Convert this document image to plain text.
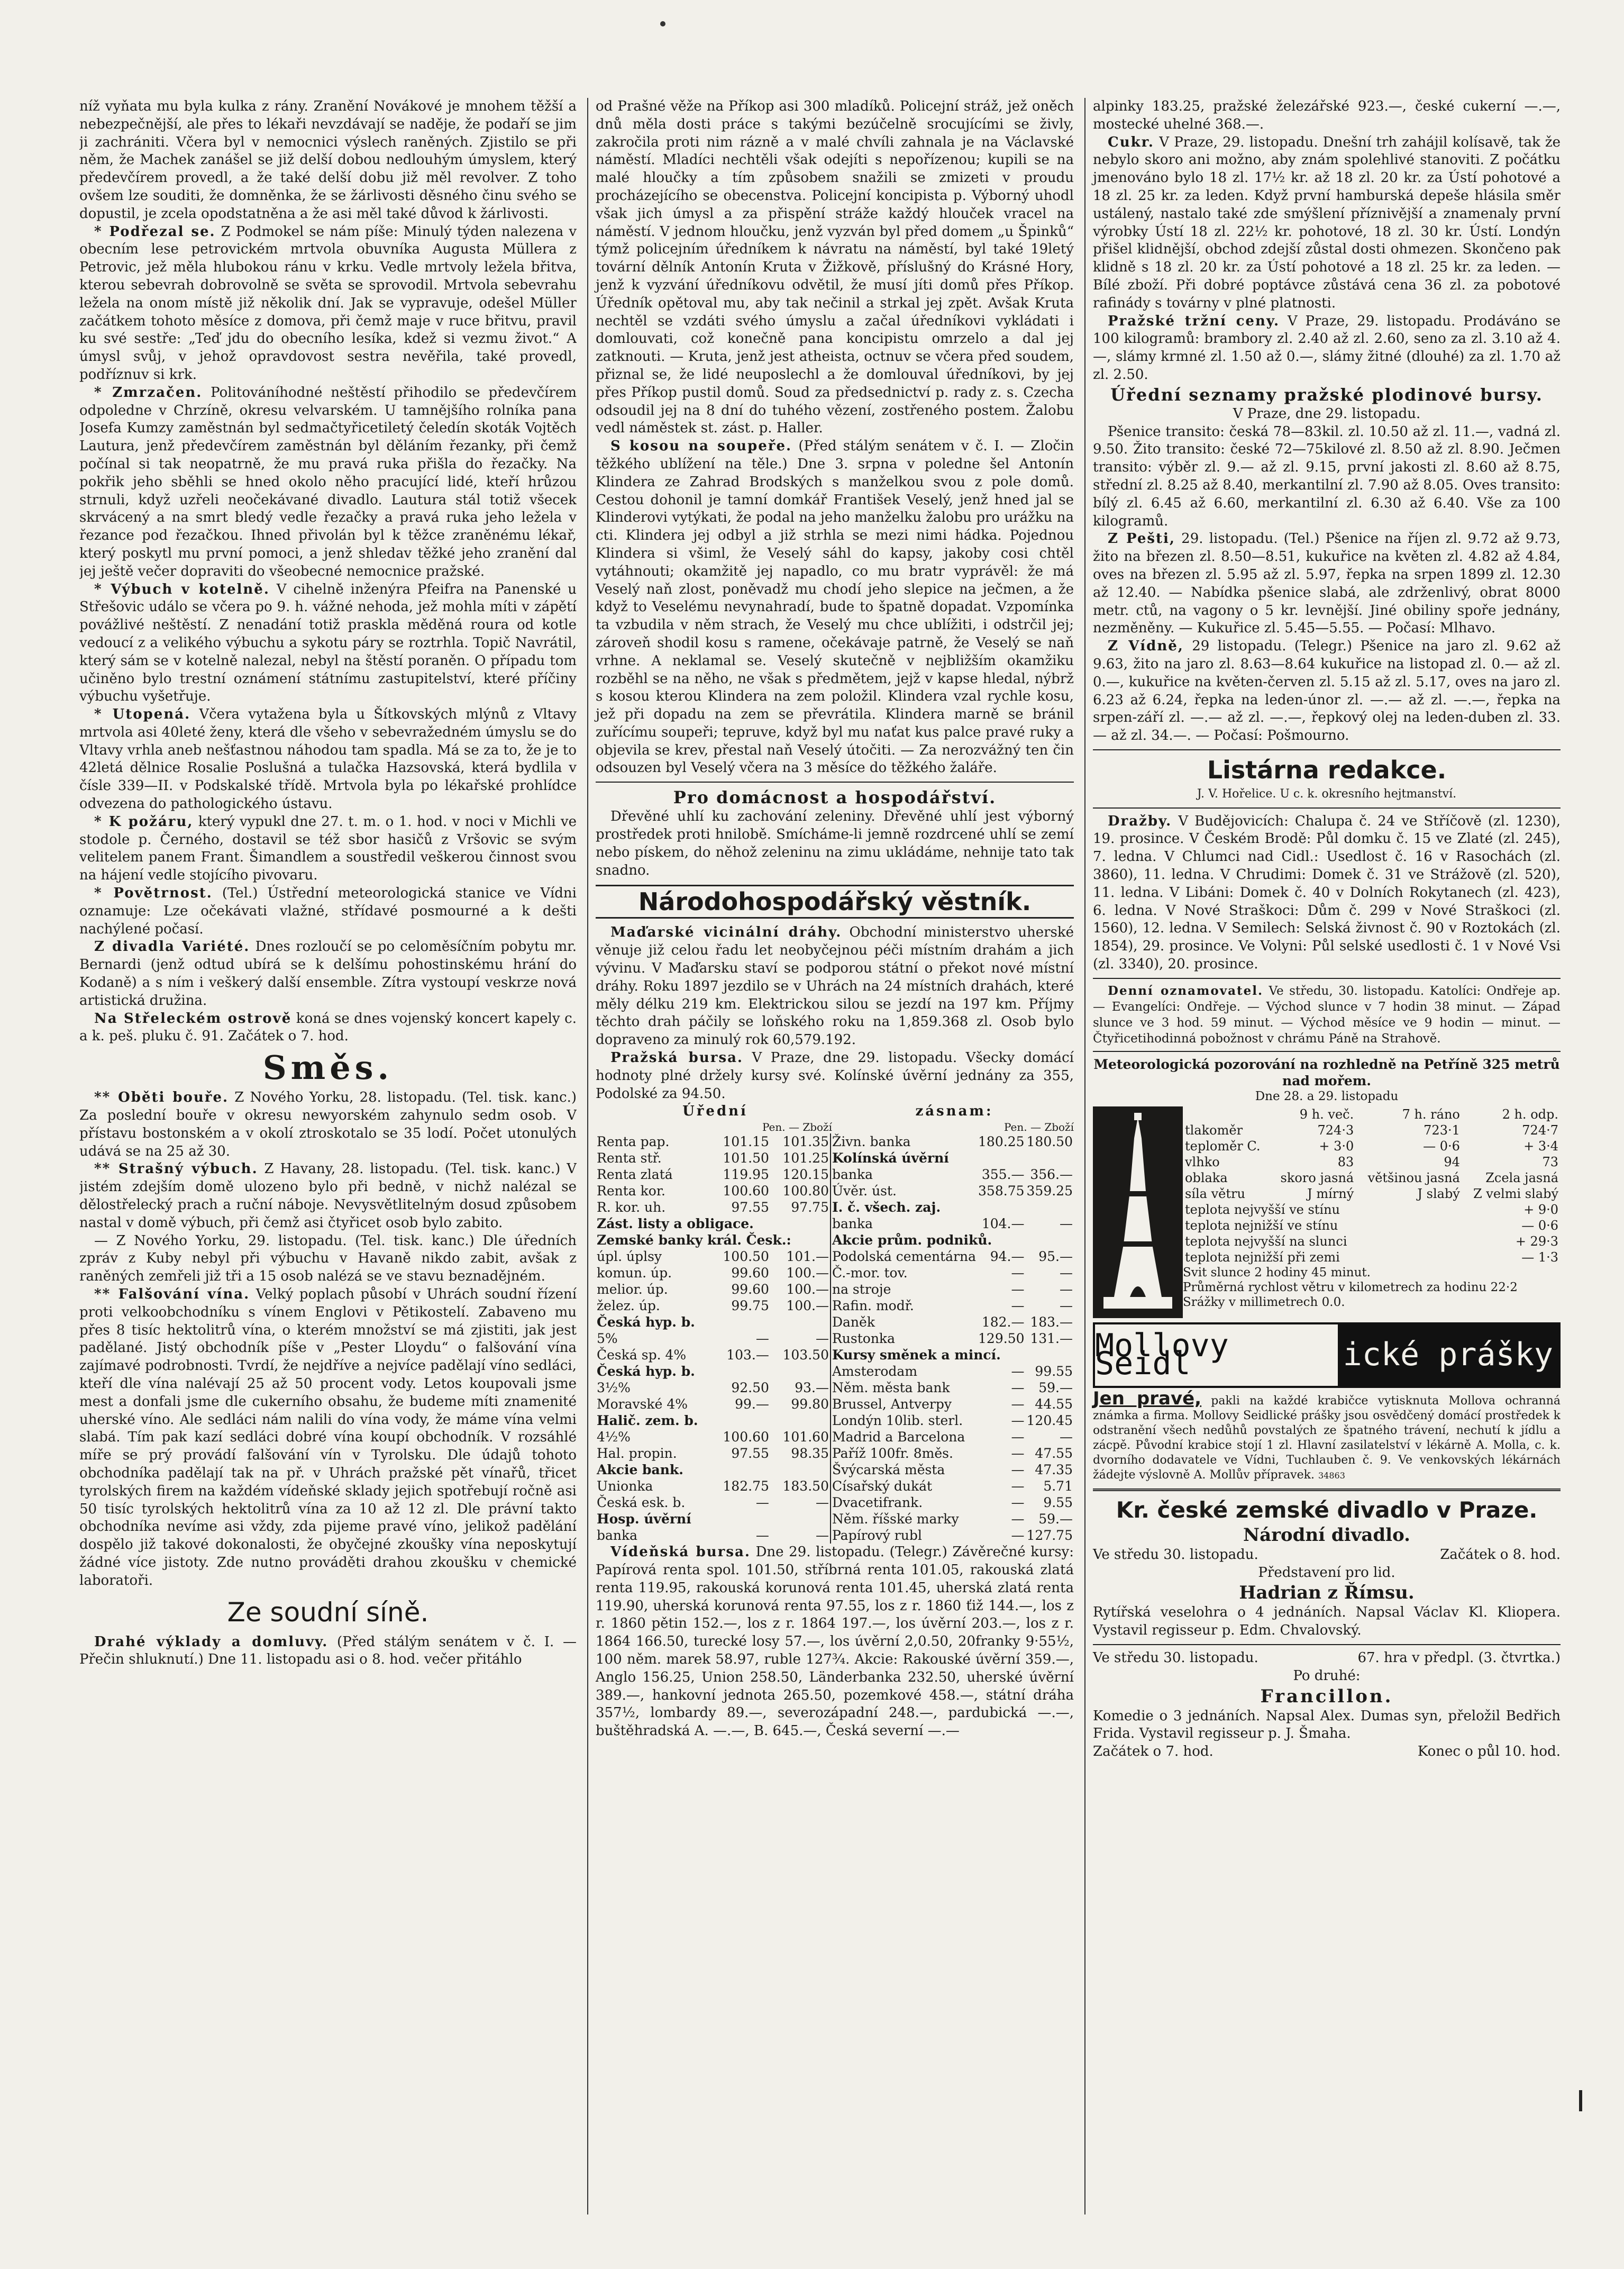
níž vyňata mu byla kulka z rány. Zranění Novákové je mnohem těžší a nebezpečnější, ale přes to lékaři nevzdávají se naděje, že podaří se jim ji zachrániti. Včera byl v nemocnici výslech raněných. Zjistilo se při něm, že Machek zanášel se již delší dobou nedlouhým úmyslem, který předevčírem provedl, a že také delší dobu již měl revolver. Z toho ovšem lze souditi, že domněnka, že se žárlivosti děsného činu svého se dopustil, je zcela opodstatněna a že asi měl také důvod k žárlivosti.

* Podřezal se. Z Podmokel se nám píše: Minulý týden nalezena v obecním lese petrovickém mrtvola obuvníka Augusta Müllera z Petrovic, jež měla hlubokou ránu v krku. Vedle mrtvoly ležela břitva, kterou sebevrah dobrovolně se světa se sprovodil. Mrtvola sebevrahu ležela na onom místě již několik dní. Jak se vypravuje, odešel Müller začátkem tohoto měsíce z domova, při čemž maje v ruce břitvu, pravil ku své sestře: „Teď jdu do obecního lesíka, kdež si vezmu život.“ A úmysl svůj, v jehož opravdovost sestra nevěřila, také provedl, podříznuv si krk.

* Zmrzačen. Politováníhodné neštěstí přihodilo se předevčírem odpoledne v Chrzíně, okresu velvarském. U tamnějšího rolníka pana Josefa Kumzy zaměstnán byl sedmačtyřicetiletý čeledín skoták Vojtěch Lautura, jenž předevčírem zaměstnán byl děláním řezanky, při čemž počínal si tak neopatrně, že mu pravá ruka přišla do řezačky. Na pokřik jeho sběhli se hned okolo něho pracující lidé, kteří hrůzou strnuli, když uzřeli neočekávané divadlo. Lautura stál totiž všecek skrvácený a na smrt bledý vedle řezačky a pravá ruka jeho ležela v řezance pod řezačkou. Ihned přivolán byl k těžce zraněnému lékař, který poskytl mu první pomoci, a jenž shledav těžké jeho zranění dal jej ještě večer dopraviti do všeobecné nemocnice pražské.

* Výbuch v kotelně. V cihelně inženýra Pfeifra na Panenské u Střešovic událo se včera po 9. h. vážné nehoda, jež mohla míti v zápětí povážlivé neštěstí. Z nenadání totiž praskla měděná roura od kotle vedoucí z a velikého výbuchu a sykotu páry se roztrhla. Topič Navrátil, který sám se v kotelně nalezal, nebyl na štěstí poraněn. O případu tom učiněno bylo trestní oznámení státnímu zastupitelství, které příčiny výbuchu vyšetřuje.

* Utopená. Včera vytažena byla u Šítkovských mlýnů z Vltavy mrtvola asi 40leté ženy, která dle všeho v sebevražedném úmyslu se do Vltavy vrhla aneb nešťastnou náhodou tam spadla. Má se za to, že je to 42letá dělnice Rosalie Poslušná a tulačka Hazsovská, která bydlila v čísle 339—II. v Podskalské třídě. Mrtvola byla po lékařské prohlídce odvezena do pathologického ústavu.

* K požáru, který vypukl dne 27. t. m. o 1. hod. v noci v Michli ve stodole p. Černého, dostavil se též sbor hasičů z Vršovic se svým velitelem panem Frant. Šimandlem a soustředil veškerou činnost svou na hájení vedle stojícího pivovaru.

* Povětrnost. (Tel.) Ústřední meteorologická stanice ve Vídni oznamuje: Lze očekávati vlažné, střídavé posmourné a k dešti nachýlené počasí.

Z divadla Variété. Dnes rozloučí se po celoměsíčním pobytu mr. Bernardi (jenž odtud ubírá se k delšímu pohostinskému hrání do Kodaně) a s ním i veškerý další ensemble. Zítra vystoupí veskrze nová artistická družina.

Na Střeleckém ostrově koná se dnes vojenský koncert kapely c. a k. peš. pluku č. 91. Začátek o 7. hod.

Směs.

** Oběti bouře. Z Nového Yorku, 28. listopadu. (Tel. tisk. kanc.) Za poslední bouře v okresu newyorském zahynulo sedm osob. V přístavu bostonském a v okolí ztroskotalo se 35 lodí. Počet utonulých udává se na 25 až 30.

** Strašný výbuch. Z Havany, 28. listopadu. (Tel. tisk. kanc.) V jistém zdejším domě ulozeno bylo při bedně, v nichž nalézal se dělostřelecký prach a ruční náboje. Nevysvětlitelným dosud způsobem nastal v domě výbuch, při čemž asi čtyřicet osob bylo zabito.

— Z Nového Yorku, 29. listopadu. (Tel. tisk. kanc.) Dle úředních zpráv z Kuby nebyl při výbuchu v Havaně nikdo zabit, avšak z raněných zemřeli již tři a 15 osob nalézá se ve stavu beznadějném.

** Falšování vína. Velký poplach působí v Uhrách soudní řízení proti velkoobchodníku s vínem Englovi v Pětikostelí. Zabaveno mu přes 8 tisíc hektolitrů vína, o kterém množství se má zjistiti, jak jest padělané. Jistý obchodník píše v „Pester Lloydu“ o falšování vína zajímavé podrobnosti. Tvrdí, že nejdříve a nejvíce padělají víno sedláci, kteří dle vína nalévají 25 až 50 procent vody. Letos koupovali jsme mest a donfali jsme dle cukerního obsahu, že budeme míti znamenité uherské víno. Ale sedláci nám nalili do vína vody, že máme vína velmi slabá. Tím pak kazí sedláci dobré vína koupí obchodník. V rozsáhlé míře se prý provádí falšování vín v Tyrolsku. Dle údajů tohoto obchodníka padělají tak na př. v Uhrách pražské pět vínařů, třicet tyrolských firem na každém vídeňské sklady jejich spotřebují ročně asi 50 tisíc tyrolských hektolitrů vína za 10 až 12 zl. Dle právní takto obchodníka nevíme asi vždy, zda pijeme pravé víno, jelikož padělání dospělo již takové dokonalosti, že obyčejné zkoušky vína neposkytují žádné více jistoty. Zde nutno prováděti drahou zkoušku v chemické laboratoři.

Ze soudní síně.

Drahé výklady a domluvy. (Před stálým senátem v č. I. — Přečin shluknutí.) Dne 11. listopadu asi o 8. hod. večer přitáhlo

od Prašné věže na Příkop asi 300 mladíků. Policejní stráž, jež oněch dnů měla dosti práce s takými bezúčelně srocujícími se živly, zakročila proti nim rázně a v malé chvíli zahnala je na Václavské náměstí. Mladíci nechtěli však odejíti s nepořízenou; kupili se na malé hloučky a tím způsobem snažili se zmizeti v proudu procházejícího se obecenstva. Policejní koncipista p. Výborný uhodl však jich úmysl a za přispění stráže každý hlouček vracel na náměstí. V jednom hloučku, jenž vyzván byl před domem „u Špinků“ týmž policejním úředníkem k návratu na náměstí, byl také 19letý tovární dělník Antonín Kruta v Žižkově, příslušný do Krásné Hory, jenž k vyzvání úředníkovu odvětil, že musí jíti domů přes Příkop. Úředník opětoval mu, aby tak nečinil a strkal jej zpět. Avšak Kruta nechtěl se vzdáti svého úmyslu a začal úředníkovi vykládati i domlouvati, což konečně pana koncipistu omrzelo a dal jej zatknouti. — Kruta, jenž jest atheista, octnuv se včera před soudem, přiznal se, že lidé neuposlechl a že domlouval úředníkovi, by jej přes Příkop pustil domů. Soud za předsednictví p. rady z. s. Czecha odsoudil jej na 8 dní do tuhého vězení, zostřeného postem. Žalobu vedl náměstek st. zást. p. Haller.

S kosou na soupeře. (Před stálým senátem v č. I. — Zločin těžkého ublížení na těle.) Dne 3. srpna v poledne šel Antonín Klindera ze Zahrad Brodských s manželkou svou z pole domů. Cestou dohonil je tamní domkář František Veselý, jenž hned jal se Klinderovi vytýkati, že podal na jeho manželku žalobu pro urážku na cti. Klindera jej odbyl a již strhla se mezi nimi hádka. Pojednou Klindera si všiml, že Veselý sáhl do kapsy, jakoby cosi chtěl vytáhnouti; okamžitě jej napadlo, co mu bratr vyprávěl: že má Veselý naň zlost, poněvadž mu chodí jeho slepice na ječmen, a že když to Veselému nevynahradí, bude to špatně dopadat. Vzpomínka ta vzbudila v něm strach, že Veselý mu chce ublížiti, i odstrčil jej; zároveň shodil kosu s ramene, očekávaje patrně, že Veselý se naň vrhne. A neklamal se. Veselý skutečně v nejbližším okamžiku rozběhl se na něho, ne však s předmětem, jejž v kapse hledal, nýbrž s kosou kterou Klindera na zem položil. Klindera vzal rychle kosu, jež při dopadu na zem se převrátila. Klindera marně se bránil zuřícímu soupeři; tepruve, když byl mu naťat kus palce pravé ruky a objevila se krev, přestal naň Veselý útočiti. — Za nerozvážný ten čin odsouzen byl Veselý včera na 3 měsíce do těžkého žaláře.

Pro domácnost a hospodářství.

Dřevěné uhlí ku zachování zeleniny. Dřevěné uhlí jest výborný prostředek proti hnilobě. Smícháme-li jemně rozdrcené uhlí se zemí nebo pískem, do něhož zeleninu na zimu ukládáme, nehnije tato tak snadno.

Národohospodářský věstník.

Maďarské vicinální dráhy. Obchodní ministerstvo uherské věnuje již celou řadu let neobyčejnou péči místním drahám a jich vývinu. V Maďarsku staví se podporou státní o překot nové místní dráhy. Roku 1897 jezdilo se v Uhrách na 24 místních drahách, které měly délku 219 km. Elektrickou silou se jezdí na 197 km. Příjmy těchto drah páčily se loňského roku na 1,859.368 zl. Osob bylo dopraveno za minulý rok 60,579.192.

Pražská bursa. V Praze, dne 29. listopadu. Všecky domácí hodnoty plné držely kursy své. Kolínské úvěrní jednány za 355, Podolské za 94.50.

Úřední	zásnam:
Pen. — Zboží	Pen. — Zboží
Renta pap.	101.15	101.35
Renta stř.	101.50	101.25
Renta zlatá	119.95	120.15
Renta kor.	100.60	100.80
R. kor. uh.	97.55	97.75
Zást. listy a obligace.		
Zemské banky král. Česk.:		
úpl. úplsy	100.50	101.—
komun. úp.	99.60	100.—
melior. úp.	99.60	100.—
želez. úp.	99.75	100.—
Česká hyp. b.		
5%	—	—
Česká sp. 4%	103.—	103.50
Česká hyp. b.		
3½%	92.50	93.—
Moravské 4%	99.—	99.80
Halič. zem. b.		
4½%	100.60	101.60
Hal. propin.	97.55	98.35
Akcie bank.		
Unionka	182.75	183.50
Česká esk. b.	—	—
Hosp. úvěrní		
banka	—	—
Živn. banka	180.25	180.50
Kolínská úvěrní		
banka	355.—	356.—
Úvěr. úst.	358.75	359.25
I. č. všech. zaj.		
banka	104.—	—
Akcie prům. podniků.		
Podolská cementárna	94.—	95.—
Č.-mor. tov.	—	—
na stroje	—	—
Rafin. modř.	—	—
Daněk	182.—	183.—
Rustonka	129.50	131.—
Kursy směnek a mincí.		
Amsterodam	—	99.55
Něm. města bank	—	59.—
Brussel, Antverpy	—	44.55
Londýn 10lib. sterl.	—	120.45
Madrid a Barcelona	—	—
Paříž 100fr. 8měs.	—	47.55
Švýcarská města	—	47.35
Císařský dukát	—	5.71
Dvacetifrank.	—	9.55
Něm. říšské marky	—	59.—
Papírový rubl	—	127.75

Vídeňská bursa. Dne 29. listopadu. (Telegr.) Závěrečné kursy: Papírová renta spol. 101.50, stříbrná renta 101.05, rakouská zlatá renta 119.95, rakouská korunová renta 101.45, uherská zlatá renta 119.90, uherská korunová renta 97.55, los z r. 1860 ťiž 144.—, los z r. 1860 pětin 152.—, los z r. 1864 197.—, los úvěrní 203.—, los z r. 1864 166.50, turecké losy 57.—, los úvěrní 2,0.50, 20franky 9·55½, 100 něm. marek 58.97, ruble 127¾. Akcie: Rakouské úvěrní 359.—, Anglo 156.25, Union 258.50, Länderbanka 232.50, uherské úvěrní 389.—, hankovní jednota 265.50, pozemkové 458.—, státní dráha 357½, lombardy 89.—, severozápadní 248.—, pardubická —.—, buštěhradská A. —.—, B. 645.—, Česká severní —.—

alpinky 183.25, pražské železářské 923.—, české cukerní —.—, mostecké uhelné 368.—.

Cukr. V Praze, 29. listopadu. Dnešní trh zahájil kolísavě, tak že nebylo skoro ani možno, aby znám spolehlivé stanoviti. Z počátku jmenováno bylo 18 zl. 17½ kr. až 18 zl. 20 kr. za Ústí pohotové a 18 zl. 25 kr. za leden. Když první hamburská depeše hlásila směr ustálený, nastalo také zde smýšlení příznivější a znamenaly první výrobky Ústí 18 zl. 22½ kr. pohotové, 18 zl. 30 kr. Ústí. Londýn přišel klidnější, obchod zdejší zůstal dosti ohmezen. Skončeno pak klidně s 18 zl. 20 kr. za Ústí pohotové a 18 zl. 25 kr. za leden. — Bílé zboží. Při dobré poptávce zůstává cena 36 zl. za pobotové rafinády s továrny v plné platnosti.

Pražské tržní ceny. V Praze, 29. listopadu. Prodáváno se 100 kilogramů: brambory zl. 2.40 až zl. 2.60, seno za zl. 3.10 až 4.—, slámy krmné zl. 1.50 až 0.—, slámy žitné (dlouhé) za zl. 1.70 až zl. 2.50.

Úřední seznamy pražské plodinové bursy.

V Praze, dne 29. listopadu.

Pšenice transito: česká 78—83kil. zl. 10.50 až zl. 11.—, vadná zl. 9.50. Žito transito: české 72—75kilové zl. 8.50 až zl. 8.90. Ječmen transito: výběr zl. 9.— až zl. 9.15, první jakosti zl. 8.60 až 8.75, střední zl. 8.25 až 8.40, merkantilní zl. 7.90 až 8.05. Oves transito: bílý zl. 6.45 až 6.60, merkantilní zl. 6.30 až 6.40. Vše za 100 kilogramů.

Z Pešti, 29. listopadu. (Tel.) Pšenice na říjen zl. 9.72 až 9.73, žito na březen zl. 8.50—8.51, kukuřice na květen zl. 4.82 až 4.84, oves na březen zl. 5.95 až zl. 5.97, řepka na srpen 1899 zl. 12.30 až 12.40. — Nabídka pšenice slabá, ale zdrženlivý, obrat 8000 metr. ctů, na vagony o 5 kr. levnější. Jiné obiliny spoře jednány, nezměněny. — Kukuřice zl. 5.45—5.55. — Počasí: Mlhavo.

Z Vídně, 29 listopadu. (Telegr.) Pšenice na jaro zl. 9.62 až 9.63, žito na jaro zl. 8.63—8.64 kukuřice na listopad zl. 0.— až zl. 0.—, kukuřice na květen-červen zl. 5.15 až zl. 5.17, oves na jaro zl. 6.23 až 6.24, řepka na leden-únor zl. —.— až zl. —.—, řepka na srpen-září zl. —.— až zl. —.—, řepkový olej na leden-duben zl. 33.— až zl. 34.—. — Počasí: Pošmourno.

Listárna redakce.

J. V. Hořelice. U c. k. okresního hejtmanství.

Dražby. V Budějovicích: Chalupa č. 24 ve Stříčově (zl. 1230), 19. prosince. V Českém Brodě: Půl domku č. 15 ve Zlaté (zl. 245), 7. ledna. V Chlumci nad Cidl.: Usedlost č. 16 v Rasochách (zl. 3860), 11. ledna. V Chrudimi: Domek č. 31 ve Strážově (zl. 520), 11. ledna. V Libáni: Domek č. 40 v Dolních Rokytanech (zl. 423), 6. ledna. V Nové Straškoci: Dům č. 299 v Nové Straškoci (zl. 1560), 12. ledna. V Semilech: Selská živnost č. 90 v Roztokách (zl. 1854), 29. prosince. Ve Volyni: Půl selské usedlosti č. 1 v Nové Vsi (zl. 3340), 20. prosince.

Denní oznamovatel. Ve středu, 30. listopadu. Katolíci: Ondřeje ap. — Evangelíci: Ondřeje. — Východ slunce v 7 hodin 38 minut. — Západ slunce ve 3 hod. 59 minut. — Východ měsíce ve 9 hodin — minut. — Čtyřicetihodinná pobožnost v chrámu Páně na Strahově.

Meteorologická pozorování na rozhledně na Petříně 325 metrů nad mořem.
Dne 28. a 29. listopadu
	9 h. več.	7 h. ráno	2 h. odp.
tlakoměr	724·3	723·1	724·7
teploměr C.	+ 3·0	— 0·6	+ 3·4
vlhko	83	94	73
oblaka	skoro jasná	většinou jasná	Zcela jasná
síla větru	J mírný	J slabý	Z velmi slabý
teplota nejvyšší ve stínu	+ 9·0
teplota nejnižší ve stínu	— 0·6
teplota nejvyšší na slunci	+ 29·3
teplota nejnižší při zemi	— 1·3
Svit slunce 2 hodiny 45 minut.
Průměrná rychlost větru v kilometrech za hodinu 22·2
Srážky v millimetrech 0.0.
Mollovy Seidl	ické prášky

Jen pravé, pakli na každé krabičce vytisknuta Mollova ochranná známka a firma. Mollovy Seidlické prášky jsou osvědčený domácí prostředek k odstranění všech nedůhů povstalých ze špatného trávení, nechutí k jídlu a zácpě. Původní krabice stojí 1 zl. Hlavní zasilatelství v lékárně A. Molla, c. k. dvorního dodavatele ve Vídni, Tuchlauben č. 9. Ve venkovských lékárnách žádejte výslovně A. Mollův přípravek. 34863

Kr. české zemské divadlo v Praze.
Národní divadlo.
Ve středu 30. listopadu.	Začátek o 8. hod.
Představení pro lid.
Hadrian z Římsu.

Rytířská veselohra o 4 jednáních. Napsal Václav Kl. Kliopera. Vystavil regisseur p. Edm. Chvalovský.

Ve středu 30. listopadu.	67. hra v předpl. (3. čtvrtka.)
Po druhé:
Francillon.

Komedie o 3 jednáních. Napsal Alex. Dumas syn, přeložil Bedřich Frida. Vystavil regisseur p. J. Šmaha.

Začátek o 7. hod.	Konec o půl 10. hod.
